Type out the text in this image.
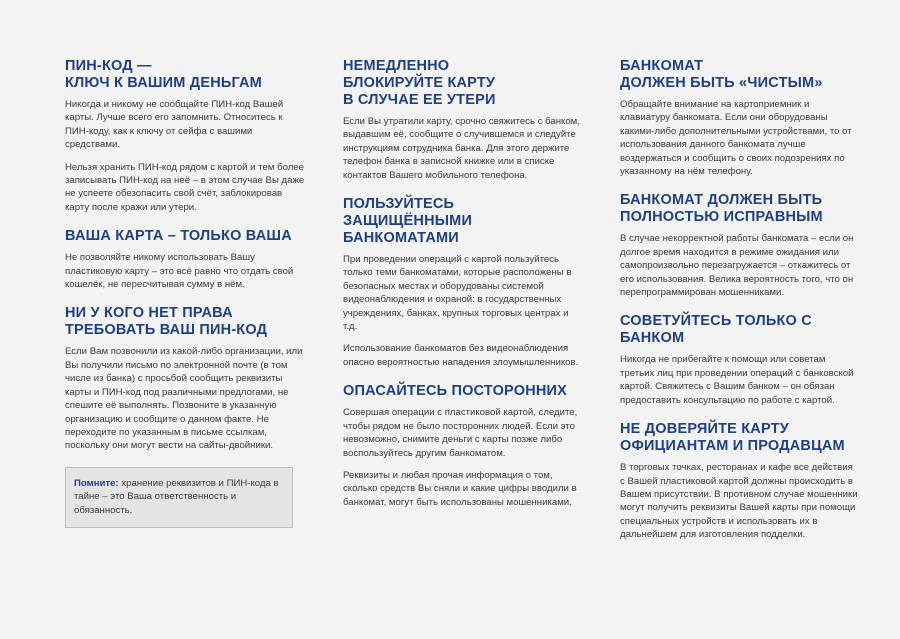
ПИН-КОД —
КЛЮЧ К ВАШИМ ДЕНЬГАМ

Никогда и никому не сообщайте ПИН-код Вашей карты. Лучше всего его запомнить. Относитесь к ПИН-коду, как к ключу от сейфа с вашими средствами.

Нельзя хранить ПИН-код рядом с картой и тем более записывать ПИН-код на неё – в этом случае Вы даже не успеете обезопасить свой счёт, заблокировав карту после кражи или утери.

ВАША КАРТА – ТОЛЬКО ВАША

Не позволяйте никому использовать Вашу пластиковую карту – это всё равно что отдать свой кошелёк, не пересчитывая сумму в нём.

НИ У КОГО НЕТ ПРАВА
ТРЕБОВАТЬ ВАШ ПИН-КОД

Если Вам позвонили из какой-либо организации, или Вы получили письмо по электронной почте (в том числе из банка) с просьбой сообщить реквизиты карты и ПИН-код под различными предлогами, не спешите её выполнять. Позвоните в указанную организацию и сообщите о данном факте. Не переходите по указанным в письме ссылкам, поскольку они могут вести на сайты-двойники.

Помните: хранение реквизитов и ПИН-кода в тайне – это Ваша ответственность и обязанность.
НЕМЕДЛЕННО
БЛОКИРУЙТЕ КАРТУ
В СЛУЧАЕ ЕЕ УТЕРИ

Если Вы утратили карту, срочно свяжитесь с банком, выдавшим её, сообщите о случившемся и следуйте инструкциям сотрудника банка. Для этого держите телефон банка в записной книжке или в списке контактов Вашего мобильного телефона.

ПОЛЬЗУЙТЕСЬ
ЗАЩИЩЁННЫМИ
БАНКОМАТАМИ

При проведении операций с картой пользуйтесь только теми банкоматами, которые расположены в безопасных местах и оборудованы системой видеонаблюдения и охраной: в государственных учреждениях, банках, крупных торговых центрах и т.д.

Использование банкоматов без видеонаблюдения опасно вероятностью нападения злоумышленников.

ОПАСАЙТЕСЬ ПОСТОРОННИХ

Совершая операции с пластиковой картой, следите, чтобы рядом не было посторонних людей. Если это невозможно, снимите деньги с карты позже либо воспользуйтесь другим банкоматом.

Реквизиты и любая прочая информация о том, сколько средств Вы сняли и какие цифры вводили в банкомат, могут быть использованы мошенниками.

БАНКОМАТ
ДОЛЖЕН БЫТЬ «ЧИСТЫМ»

Обращайте внимание на картоприемник и клавиатуру банкомата. Если они оборудованы какими-либо дополнительными устройствами, то от использования данного банкомата лучше воздержаться и сообщить о своих подозрениях по указанному на нём телефону.

БАНКОМАТ ДОЛЖЕН БЫТЬ
ПОЛНОСТЬЮ ИСПРАВНЫМ

В случае некорректной работы банкомата – если он долгое время находится в режиме ожидания или самопроизвольно перезагружается – откажитесь от его использования. Велика вероятность того, что он перепрограммирован мошенниками.

СОВЕТУЙТЕСЬ ТОЛЬКО С БАНКОМ

Никогда не прибегайте к помощи или советам третьих лиц при проведении операций с банковской картой. Свяжитесь с Вашим банком – он обязан предоставить консультацию по работе с картой.

НЕ ДОВЕРЯЙТЕ КАРТУ
ОФИЦИАНТАМ И ПРОДАВЦАМ

В торговых точках, ресторанах и кафе все действия с Вашей пластиковой картой должны происходить в Вашем присутствии. В противном случае мошенники могут получить реквизиты Вашей карты при помощи специальных устройств и использовать их в дальнейшем для изготовления подделки.
